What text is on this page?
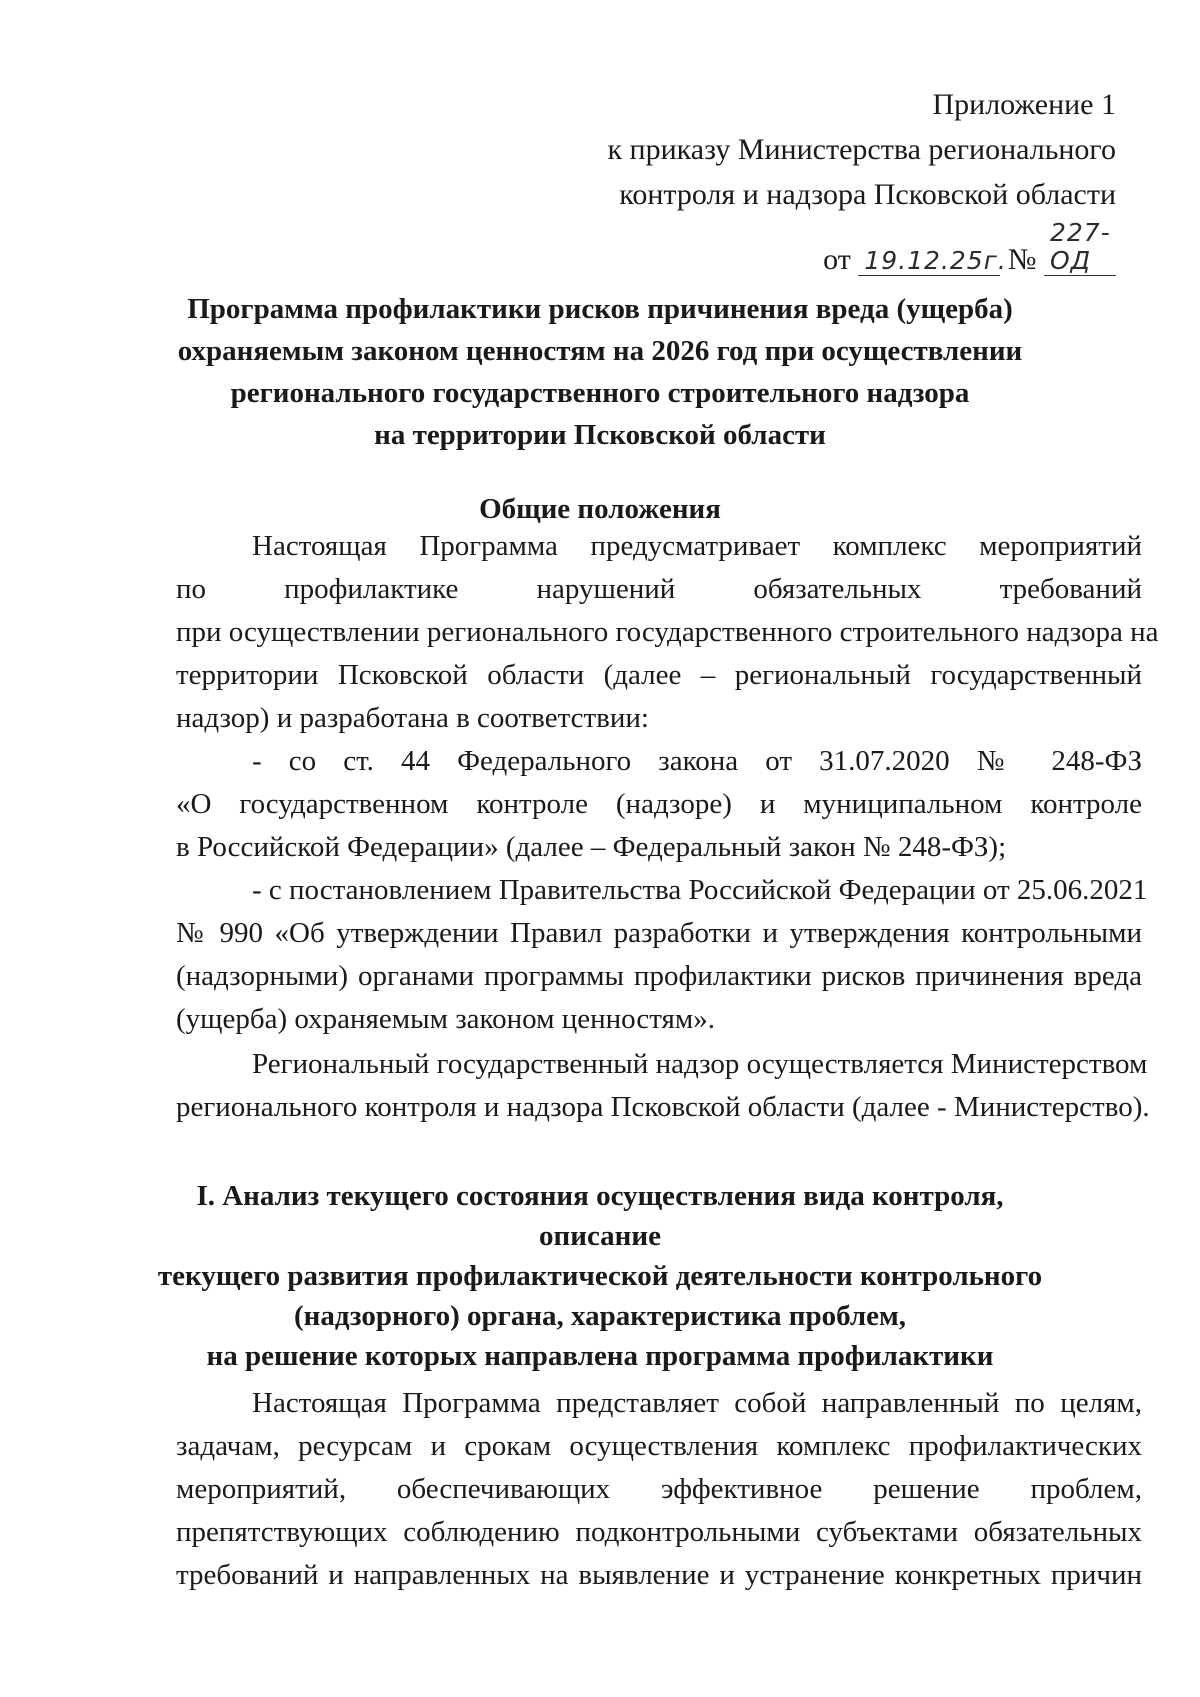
Приложение 1
к приказу Министерства регионального
контроля и надзора Псковской области
от 19.12.25г. № 227-ОД
Программа профилактики рисков причинения вреда (ущерба)
охраняемым законом ценностям на 2026 год при осуществлении
регионального государственного строительного надзора
на территории Псковской области
Общие положения
Настоящая Программа предусматривает комплекс мероприятий
по профилактике нарушений обязательных требований
при осуществлении регионального государственного строительного надзора на
территории Псковской области (далее – региональный государственный
надзор) и разработана в соответствии:
- со ст. 44 Федерального закона от 31.07.2020 № 248-ФЗ
«О государственном контроле (надзоре) и муниципальном контроле
в Российской Федерации» (далее – Федеральный закон № 248-ФЗ);
- с постановлением Правительства Российской Федерации от 25.06.2021
№ 990 «Об утверждении Правил разработки и утверждения контрольными
(надзорными) органами программы профилактики рисков причинения вреда
(ущерба) охраняемым законом ценностям».
Региональный государственный надзор осуществляется Министерством
регионального контроля и надзора Псковской области (далее - Министерство).
I. Анализ текущего состояния осуществления вида контроля, описание
текущего развития профилактической деятельности контрольного
(надзорного) органа, характеристика проблем,
на решение которых направлена программа профилактики
Настоящая Программа представляет собой направленный по целям,
задачам, ресурсам и срокам осуществления комплекс профилактических
мероприятий, обеспечивающих эффективное решение проблем,
препятствующих соблюдению подконтрольными субъектами обязательных
требований и направленных на выявление и устранение конкретных причин
